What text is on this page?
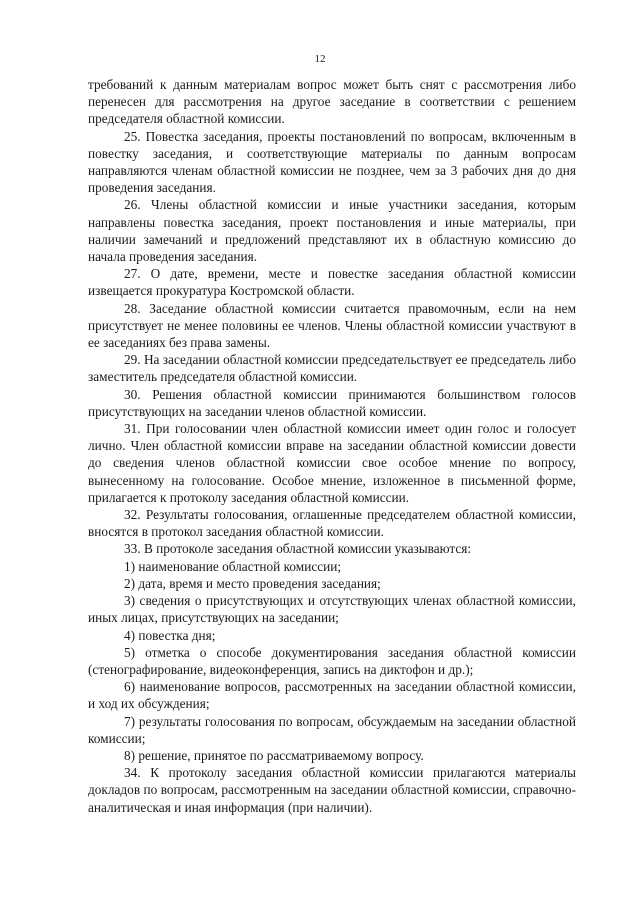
12

требований к данным материалам вопрос может быть снят с рассмотрения либо перенесен для рассмотрения на другое заседание в соответствии с решением председателя областной комиссии.

25. Повестка заседания, проекты постановлений по вопросам, включенным в повестку заседания, и соответствующие материалы по данным вопросам направляются членам областной комиссии не позднее, чем за 3 рабочих дня до дня проведения заседания.

26. Члены областной комиссии и иные участники заседания, которым направлены повестка заседания, проект постановления и иные материалы, при наличии замечаний и предложений представляют их в областную комиссию до начала проведения заседания.

27. О дате, времени, месте и повестке заседания областной комиссии извещается прокуратура Костромской области.

28. Заседание областной комиссии считается правомочным, если на нем присутствует не менее половины ее членов. Члены областной комиссии участвуют в ее заседаниях без права замены.

29. На заседании областной комиссии председательствует ее председатель либо заместитель председателя областной комиссии.

30. Решения областной комиссии принимаются большинством голосов присутствующих на заседании членов областной комиссии.

31. При голосовании член областной комиссии имеет один голос и голосует лично. Член областной комиссии вправе на заседании областной комиссии довести до сведения членов областной комиссии свое особое мнение по вопросу, вынесенному на голосование. Особое мнение, изложенное в письменной форме, прилагается к протоколу заседания областной комиссии.

32. Результаты голосования, оглашенные председателем областной комиссии, вносятся в протокол заседания областной комиссии.

33. В протоколе заседания областной комиссии указываются:

1) наименование областной комиссии;

2) дата, время и место проведения заседания;

3) сведения о присутствующих и отсутствующих членах областной комиссии, иных лицах, присутствующих на заседании;

4) повестка дня;

5) отметка о способе документирования заседания областной комиссии (стенографирование, видеоконференция, запись на диктофон и др.);

6) наименование вопросов, рассмотренных на заседании областной комиссии, и ход их обсуждения;

7) результаты голосования по вопросам, обсуждаемым на заседании областной комиссии;

8) решение, принятое по рассматриваемому вопросу.

34. К протоколу заседания областной комиссии прилагаются материалы докладов по вопросам, рассмотренным на заседании областной комиссии, справочно-аналитическая и иная информация (при наличии).
